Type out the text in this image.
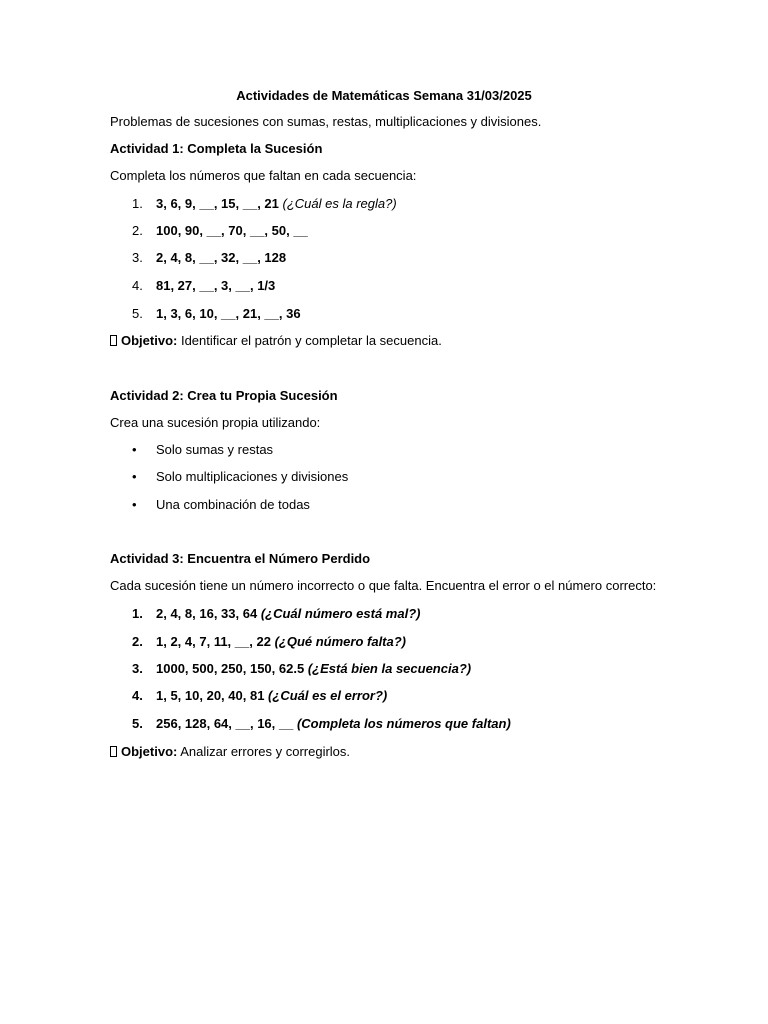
Actividades de Matemáticas Semana 31/03/2025
Problemas de sucesiones con sumas, restas, multiplicaciones y divisiones.
Actividad 1: Completa la Sucesión
Completa los números que faltan en cada secuencia:
1.	3, 6, 9, __, 15, __, 21 (¿Cuál es la regla?)
2.	100, 90, __, 70, __, 50, __
3.	2, 4, 8, __, 32, __, 128
4.	81, 27, __, 3, __, 1/3
5.	1, 3, 6, 10, __, 21, __, 36
Objetivo: Identificar el patrón y completar la secuencia.
Actividad 2: Crea tu Propia Sucesión
Crea una sucesión propia utilizando:
• Solo sumas y restas
• Solo multiplicaciones y divisiones
• Una combinación de todas
Actividad 3: Encuentra el Número Perdido
Cada sucesión tiene un número incorrecto o que falta. Encuentra el error o el número correcto:
1.	2, 4, 8, 16, 33, 64 (¿Cuál número está mal?)
2.	1, 2, 4, 7, 11, __, 22 (¿Qué número falta?)
3.	1000, 500, 250, 150, 62.5 (¿Está bien la secuencia?)
4.	1, 5, 10, 20, 40, 81 (¿Cuál es el error?)
5.	256, 128, 64, __, 16, __ (Completa los números que faltan)
Objetivo: Analizar errores y corregirlos.
